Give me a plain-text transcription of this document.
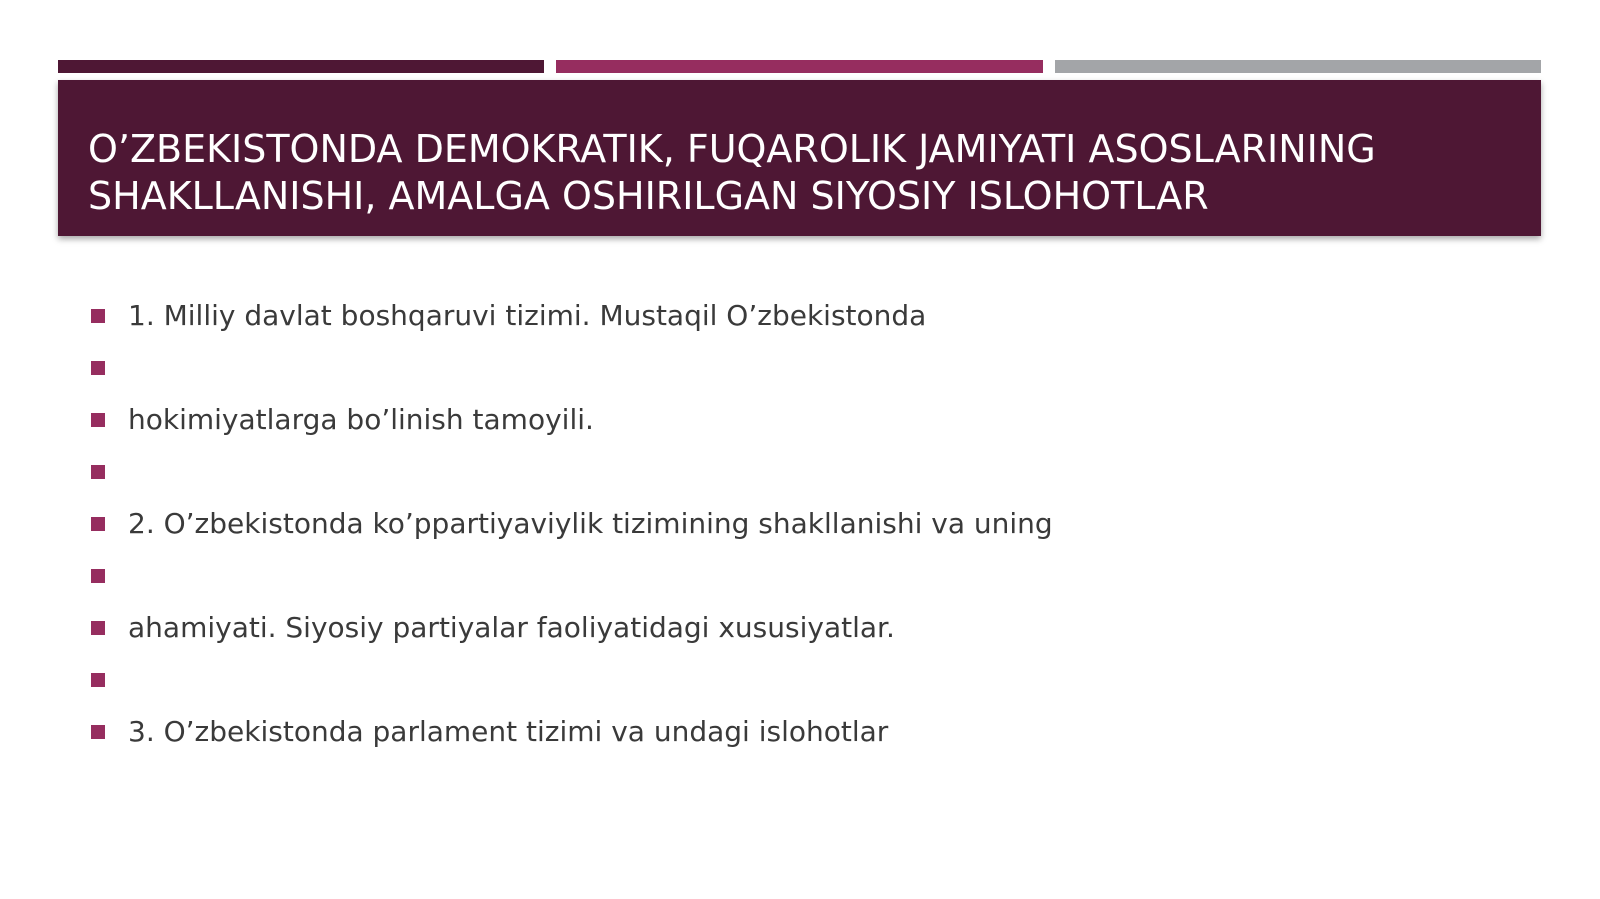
O’ZBEKISTONDA DEMOKRATIK, FUQAROLIK JAMIYATI ASOSLARINING SHAKLLANISHI, AMALGA OSHIRILGAN SIYOSIY ISLOHOTLAR
1. Milliy davlat boshqaruvi tizimi. Mustaqil O’zbekistonda
hokimiyatlarga bo’linish tamoyili.
2. O’zbekistonda ko’ppartiyaviylik tizimining shakllanishi va uning
ahamiyati. Siyosiy partiyalar faoliyatidagi xususiyatlar.
3. O’zbekistonda parlament tizimi va undagi islohotlar
